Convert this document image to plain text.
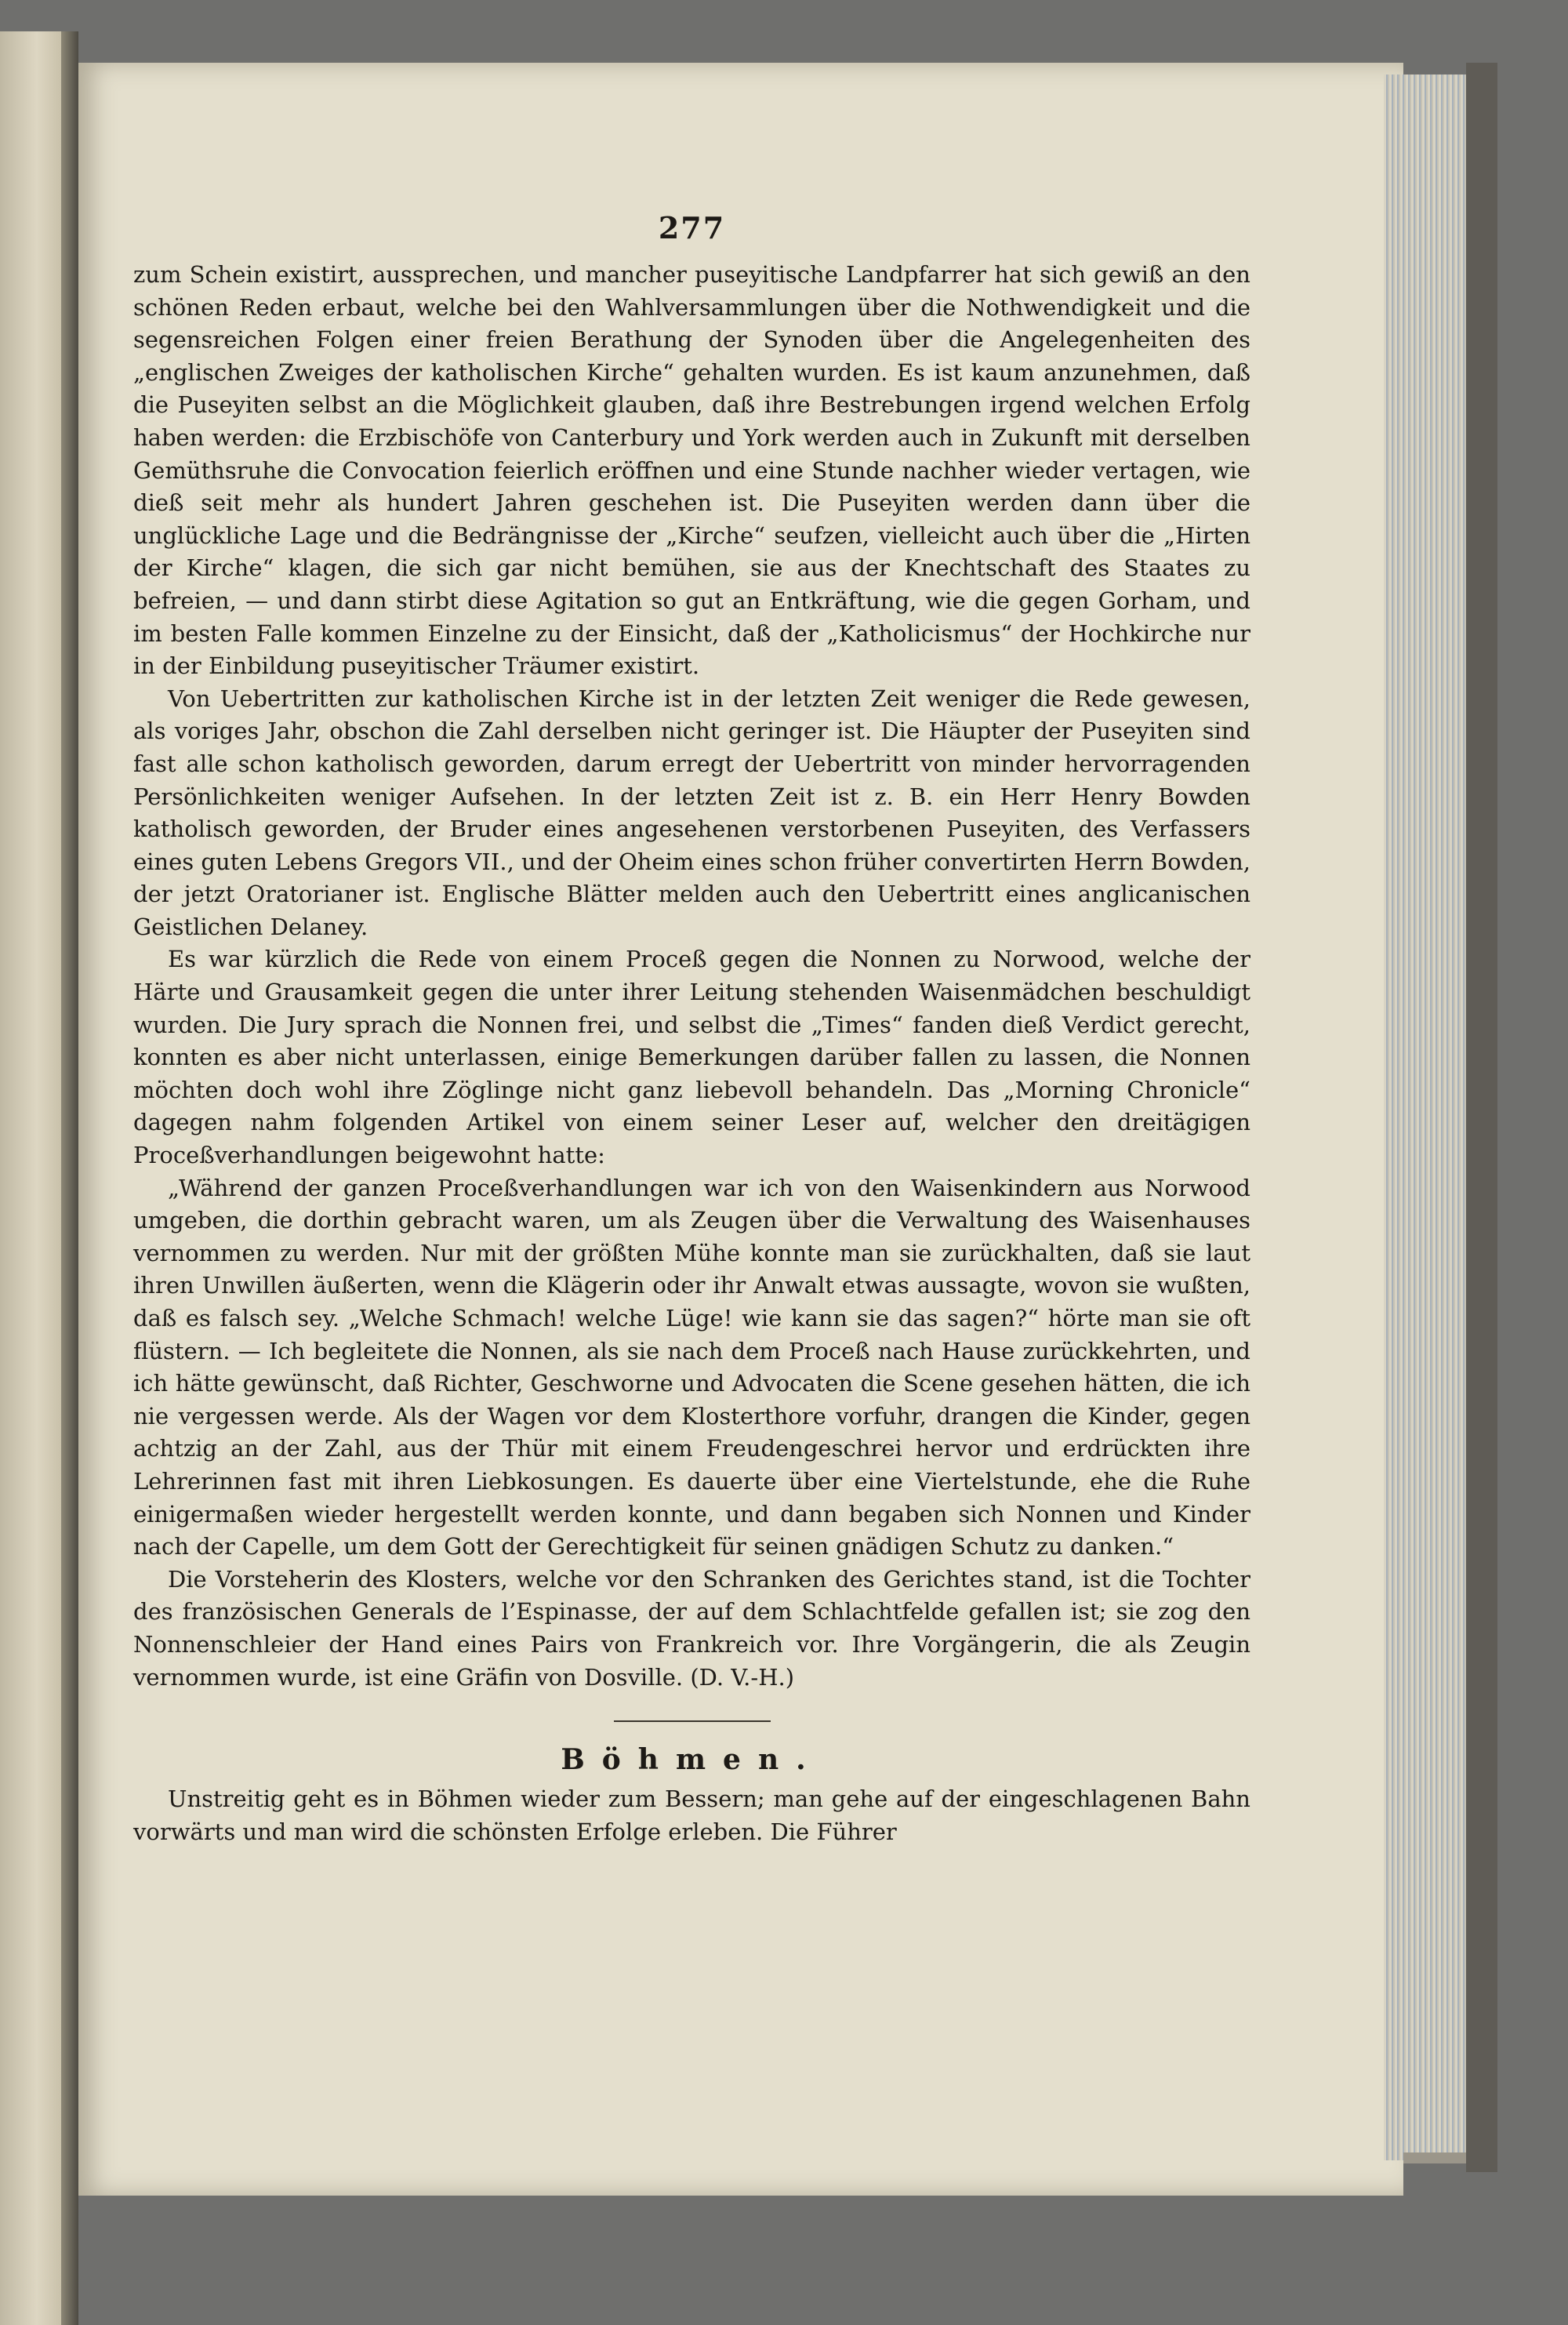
277

zum Schein existirt, aussprechen, und mancher puseyitische Landpfarrer hat sich gewiß an den schönen Reden erbaut, welche bei den Wahlversammlungen über die Nothwendigkeit und die segensreichen Folgen einer freien Berathung der Synoden über die Angelegenheiten des „englischen Zweiges der katholischen Kirche“ gehalten wurden. Es ist kaum anzunehmen, daß die Puseyiten selbst an die Möglichkeit glauben, daß ihre Bestrebungen irgend welchen Erfolg haben werden: die Erzbischöfe von Canterbury und York werden auch in Zukunft mit derselben Gemüthsruhe die Convocation feierlich eröffnen und eine Stunde nachher wieder vertagen, wie dieß seit mehr als hundert Jahren geschehen ist. Die Puseyiten werden dann über die unglückliche Lage und die Bedrängnisse der „Kirche“ seufzen, vielleicht auch über die „Hirten der Kirche“ klagen, die sich gar nicht bemühen, sie aus der Knechtschaft des Staates zu befreien, — und dann stirbt diese Agitation so gut an Entkräftung, wie die gegen Gorham, und im besten Falle kommen Einzelne zu der Einsicht, daß der „Katholicismus“ der Hochkirche nur in der Einbildung puseyitischer Träumer existirt.

Von Uebertritten zur katholischen Kirche ist in der letzten Zeit weniger die Rede gewesen, als voriges Jahr, obschon die Zahl derselben nicht geringer ist. Die Häupter der Puseyiten sind fast alle schon katholisch geworden, darum erregt der Uebertritt von minder hervorragenden Persönlichkeiten weniger Aufsehen. In der letzten Zeit ist z. B. ein Herr Henry Bowden katholisch geworden, der Bruder eines angesehenen verstorbenen Puseyiten, des Verfassers eines guten Lebens Gregors VII., und der Oheim eines schon früher convertirten Herrn Bowden, der jetzt Oratorianer ist. Englische Blätter melden auch den Uebertritt eines anglicanischen Geistlichen Delaney.

Es war kürzlich die Rede von einem Proceß gegen die Nonnen zu Norwood, welche der Härte und Grausamkeit gegen die unter ihrer Leitung stehenden Waisenmädchen beschuldigt wurden. Die Jury sprach die Nonnen frei, und selbst die „Times“ fanden dieß Verdict gerecht, konnten es aber nicht unterlassen, einige Bemerkungen darüber fallen zu lassen, die Nonnen möchten doch wohl ihre Zöglinge nicht ganz liebevoll behandeln. Das „Morning Chronicle“ dagegen nahm folgenden Artikel von einem seiner Leser auf, welcher den dreitägigen Proceßverhandlungen beigewohnt hatte:

„Während der ganzen Proceßverhandlungen war ich von den Waisenkindern aus Norwood umgeben, die dorthin gebracht waren, um als Zeugen über die Verwaltung des Waisenhauses vernommen zu werden. Nur mit der größten Mühe konnte man sie zurückhalten, daß sie laut ihren Unwillen äußerten, wenn die Klägerin oder ihr Anwalt etwas aussagte, wovon sie wußten, daß es falsch sey. „Welche Schmach! welche Lüge! wie kann sie das sagen?“ hörte man sie oft flüstern. — Ich begleitete die Nonnen, als sie nach dem Proceß nach Hause zurückkehrten, und ich hätte gewünscht, daß Richter, Geschworne und Advocaten die Scene gesehen hätten, die ich nie vergessen werde. Als der Wagen vor dem Klosterthore vorfuhr, drangen die Kinder, gegen achtzig an der Zahl, aus der Thür mit einem Freudengeschrei hervor und erdrückten ihre Lehrerinnen fast mit ihren Liebkosungen. Es dauerte über eine Viertelstunde, ehe die Ruhe einigermaßen wieder hergestellt werden konnte, und dann begaben sich Nonnen und Kinder nach der Capelle, um dem Gott der Gerechtigkeit für seinen gnädigen Schutz zu danken.“

Die Vorsteherin des Klosters, welche vor den Schranken des Gerichtes stand, ist die Tochter des französischen Generals de l’Espinasse, der auf dem Schlachtfelde gefallen ist; sie zog den Nonnenschleier der Hand eines Pairs von Frankreich vor. Ihre Vorgängerin, die als Zeugin vernommen wurde, ist eine Gräfin von Dosville. (D. V.-H.)

Böhmen.

Unstreitig geht es in Böhmen wieder zum Bessern; man gehe auf der eingeschlagenen Bahn vorwärts und man wird die schönsten Erfolge erleben. Die Führer
